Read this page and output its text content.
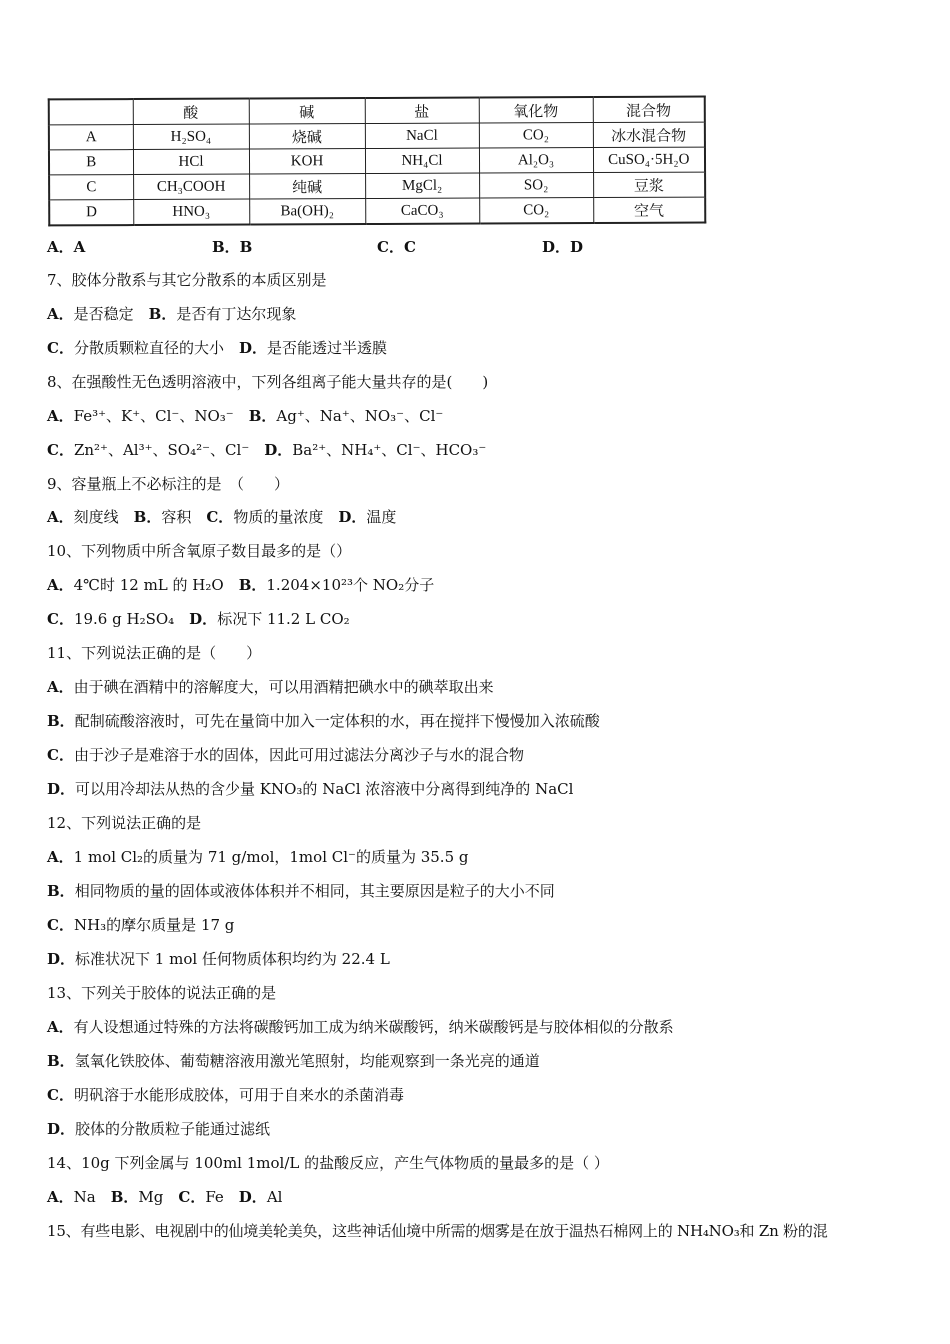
	酸	碱	盐	氧化物	混合物
A	H₂SO₄	烧碱	NaCl	CO₂	冰水混合物
B	HCl	KOH	NH₄Cl	Al₂O₃	CuSO₄·5H₂O
C	CH₃COOH	纯碱	MgCl₂	SO₂	豆浆
D	HNO₃	Ba(OH)₂	CaCO₃	CO₂	空气
A．A	B．B	C．C	D．D
7、胶体分散系与其它分散系的本质区别是
A．是否稳定　B．是否有丁达尔现象
C．分散质颗粒直径的大小　D．是否能透过半透膜
8、在强酸性无色透明溶液中，下列各组离子能大量共存的是(　　)
A．Fe³⁺、K⁺、Cl⁻、NO₃⁻　B．Ag⁺、Na⁺、NO₃⁻、Cl⁻
C．Zn²⁺、Al³⁺、SO₄²⁻、Cl⁻　D．Ba²⁺、NH₄⁺、Cl⁻、HCO₃⁻
9、容量瓶上不必标注的是　（　　）
A．刻度线　B．容积　C．物质的量浓度　D．温度
10、下列物质中所含氧原子数目最多的是（）
A．4℃时 12 mL 的 H₂O　B．1.204×10²³个 NO₂分子
C．19.6 g H₂SO₄　D．标况下 11.2 L CO₂
11、下列说法正确的是（　　）
A．由于碘在酒精中的溶解度大，可以用酒精把碘水中的碘萃取出来
B．配制硫酸溶液时，可先在量筒中加入一定体积的水，再在搅拌下慢慢加入浓硫酸
C．由于沙子是难溶于水的固体，因此可用过滤法分离沙子与水的混合物
D．可以用冷却法从热的含少量 KNO₃的 NaCl 浓溶液中分离得到纯净的 NaCl
12、下列说法正确的是
A．1 mol Cl₂的质量为 71 g/mol，1mol Cl⁻的质量为 35.5 g
B．相同物质的量的固体或液体体积并不相同，其主要原因是粒子的大小不同
C．NH₃的摩尔质量是 17 g
D．标准状况下 1 mol 任何物质体积均约为 22.4 L
13、下列关于胶体的说法正确的是
A．有人设想通过特殊的方法将碳酸钙加工成为纳米碳酸钙，纳米碳酸钙是与胶体相似的分散系
B．氢氧化铁胶体、葡萄糖溶液用激光笔照射，均能观察到一条光亮的通道
C．明矾溶于水能形成胶体，可用于自来水的杀菌消毒
D．胶体的分散质粒子能通过滤纸
14、10g 下列金属与 100ml 1mol/L 的盐酸反应，产生气体物质的量最多的是（ ）
A．Na　B．Mg　C．Fe　D．Al
15、有些电影、电视剧中的仙境美轮美奂，这些神话仙境中所需的烟雾是在放于温热石棉网上的 NH₄NO₃和 Zn 粉的混
